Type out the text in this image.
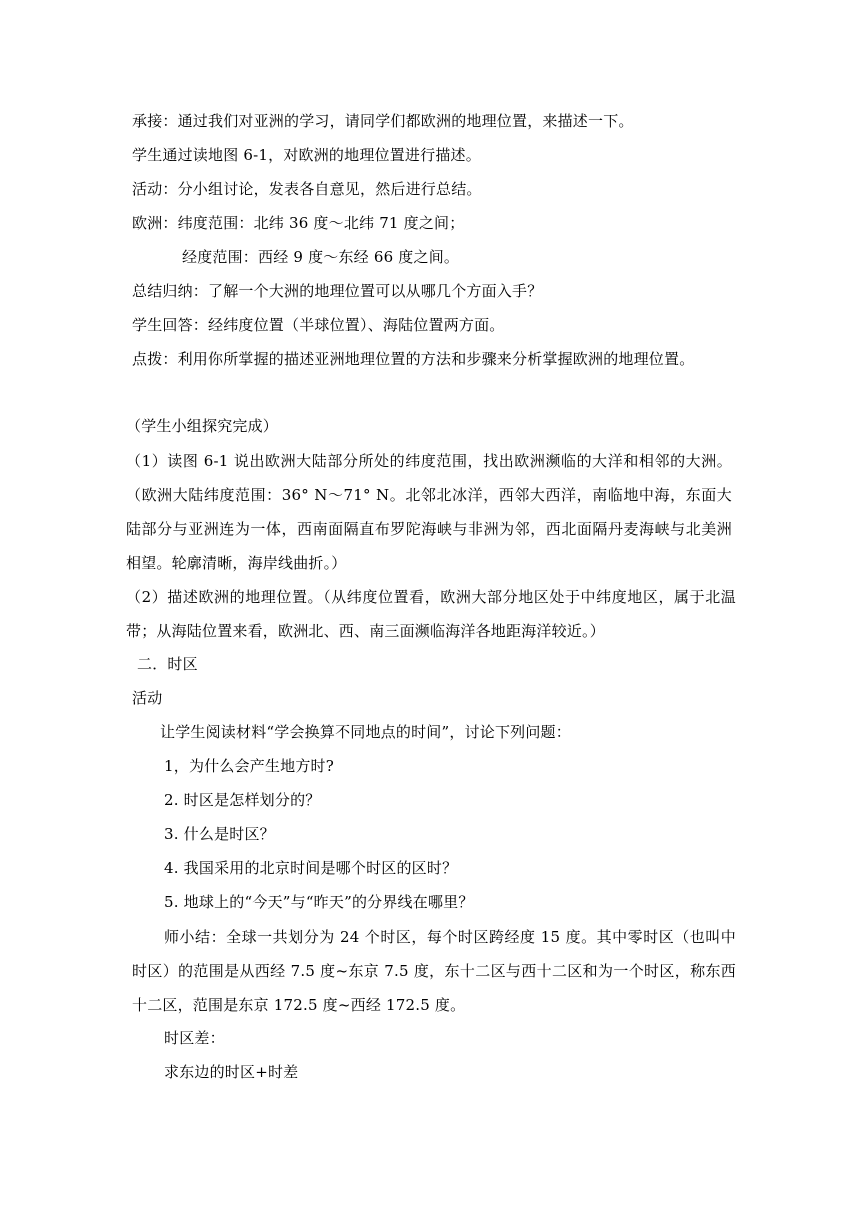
承接：通过我们对亚洲的学习，请同学们都欧洲的地理位置，来描述一下。
学生通过读地图 6-1，对欧洲的地理位置进行描述。
活动：分小组讨论，发表各自意见，然后进行总结。
欧洲：纬度范围：北纬 36 度～北纬 71 度之间；
经度范围：西经 9 度～东经 66 度之间。
总结归纳：了解一个大洲的地理位置可以从哪几个方面入手？
学生回答：经纬度位置（半球位置）、海陆位置两方面。
点拨：利用你所掌握的描述亚洲地理位置的方法和步骤来分析掌握欧洲的地理位置。
（学生小组探究完成）
（1）读图 6-1 说出欧洲大陆部分所处的纬度范围，找出欧洲濒临的大洋和相邻的大洲。（欧洲大陆纬度范围：36° N～71° N。北邻北冰洋，西邻大西洋，南临地中海，东面大陆部分与亚洲连为一体，西南面隔直布罗陀海峡与非洲为邻，西北面隔丹麦海峡与北美洲相望。轮廓清晰，海岸线曲折。）
（2）描述欧洲的地理位置。（从纬度位置看，欧洲大部分地区处于中纬度地区，属于北温带；从海陆位置来看，欧洲北、西、南三面濒临海洋各地距海洋较近。）
二．时区
活动
让学生阅读材料“学会换算不同地点的时间”，讨论下列问题：
1，为什么会产生地方时?
2. 时区是怎样划分的？
3. 什么是时区？
4. 我国采用的北京时间是哪个时区的区时？
5. 地球上的“今天”与“昨天”的分界线在哪里？
师小结：全球一共划分为 24 个时区，每个时区跨经度 15 度。其中零时区（也叫中时区）的范围是从西经 7.5 度~东京 7.5 度，东十二区与西十二区和为一个时区，称东西十二区，范围是东京 172.5 度~西经 172.5 度。
时区差：
求东边的时区+时差
